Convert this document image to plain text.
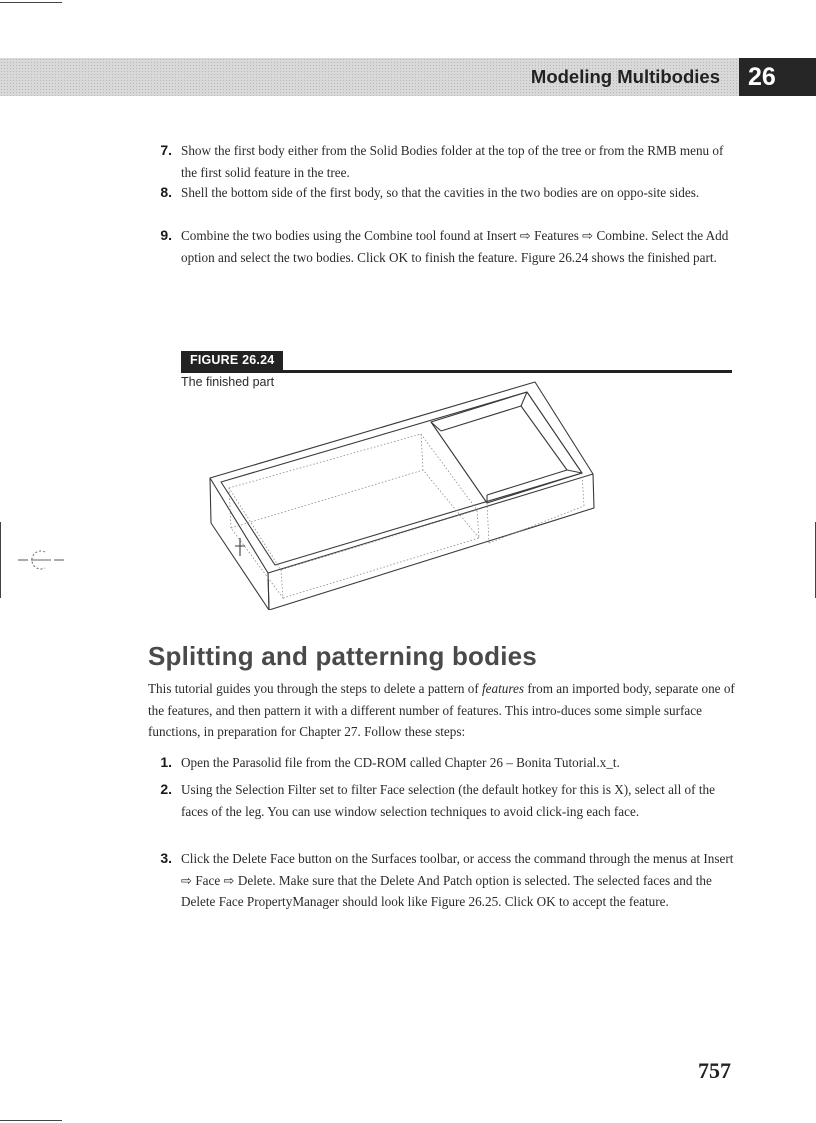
Modeling Multibodies	26
7. Show the first body either from the Solid Bodies folder at the top of the tree or from the RMB menu of the first solid feature in the tree.
8. Shell the bottom side of the first body, so that the cavities in the two bodies are on oppo-site sides.
9. Combine the two bodies using the Combine tool found at Insert ⇨ Features ⇨ Combine. Select the Add option and select the two bodies. Click OK to finish the feature. Figure 26.24 shows the finished part.
FIGURE 26.24
The finished part
Splitting and patterning bodies
This tutorial guides you through the steps to delete a pattern of features from an imported body, separate one of the features, and then pattern it with a different number of features. This intro-duces some simple surface functions, in preparation for Chapter 27. Follow these steps:
1. Open the Parasolid file from the CD-ROM called Chapter 26 – Bonita Tutorial.x_t.
2. Using the Selection Filter set to filter Face selection (the default hotkey for this is X), select all of the faces of the leg. You can use window selection techniques to avoid click-ing each face.
3. Click the Delete Face button on the Surfaces toolbar, or access the command through the menus at Insert ⇨ Face ⇨ Delete. Make sure that the Delete And Patch option is selected. The selected faces and the Delete Face PropertyManager should look like Figure 26.25. Click OK to accept the feature.
757
